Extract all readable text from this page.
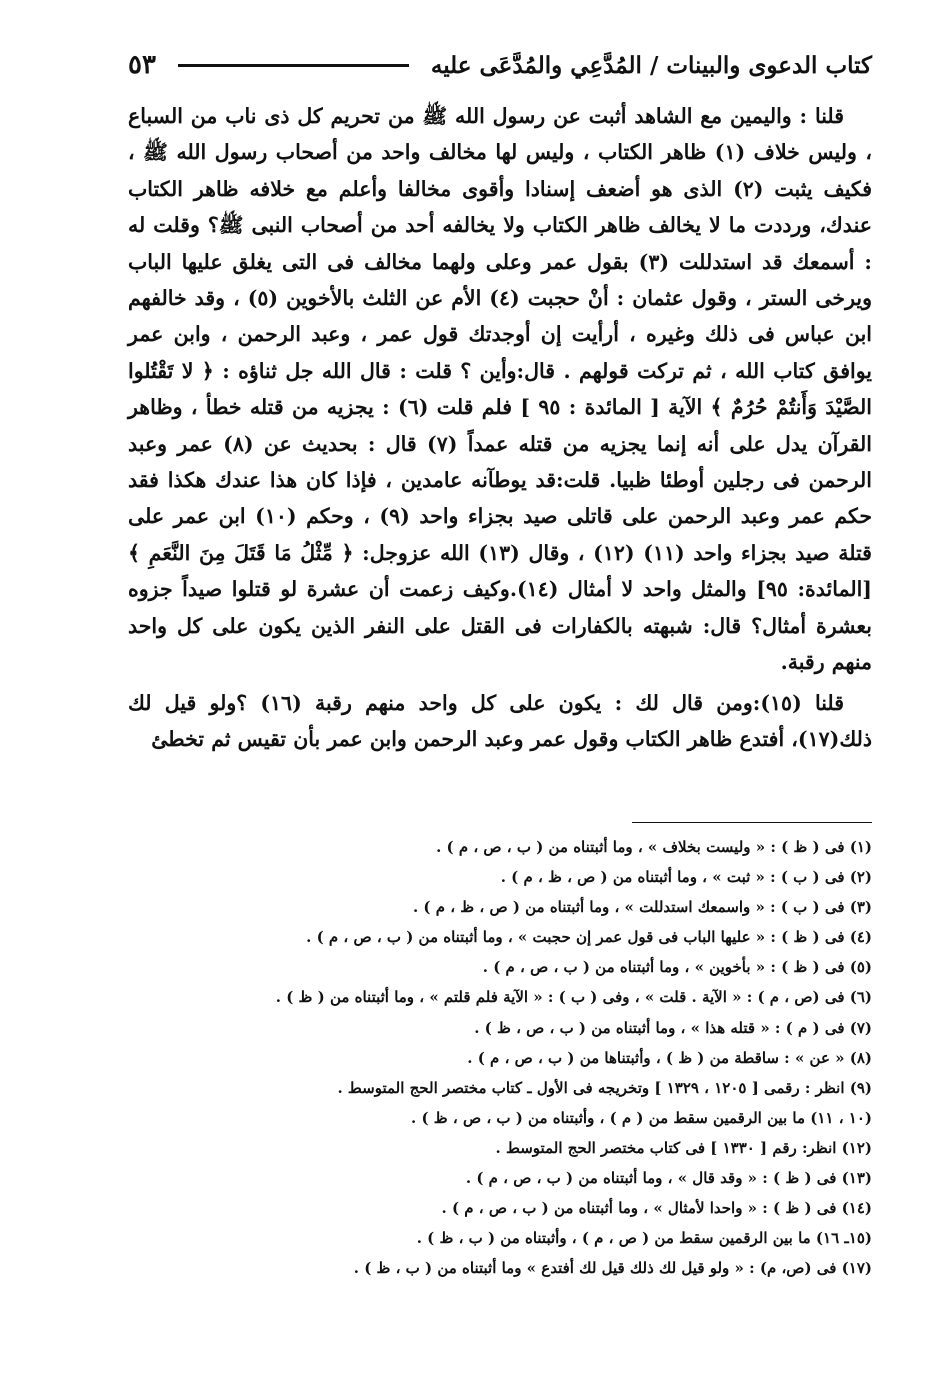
كتاب الدعوى والبينات / المُدَّعِي والمُدَّعَى عليه
٥٣

قلنا : واليمين مع الشاهد أثبت عن رسول الله ﷺ من تحريم كل ذى ناب من السباع ، وليس خلاف (١) ظاهر الكتاب ، وليس لها مخالف واحد من أصحاب رسول الله ﷺ ، فكيف يثبت (٢) الذى هو أضعف إسنادا وأقوى مخالفا وأعلم مع خلافه ظاهر الكتاب عندك، ورددت ما لا يخالف ظاهر الكتاب ولا يخالفه أحد من أصحاب النبى ﷺ؟ وقلت له : أسمعك قد استدللت (٣) بقول عمر وعلى ولهما مخالف فى التى يغلق عليها الباب ويرخى الستر ، وقول عثمان : أنْ حجبت (٤) الأم عن الثلث بالأخوين (٥) ، وقد خالفهم ابن عباس فى ذلك وغيره ، أرأيت إن أوجدتك قول عمر ، وعبد الرحمن ، وابن عمر يوافق كتاب الله ، ثم تركت قولهم . قال:وأين ؟ قلت : قال الله جل ثناؤه : ﴿ لا تَقْتُلوا الصَّيْدَ وَأَنتُمْ حُرُمٌ ﴾ الآية [ المائدة : ٩٥ ] فلم قلت (٦) : يجزيه من قتله خطأ ، وظاهر القرآن يدل على أنه إنما يجزيه من قتله عمداً (٧) قال : بحديث عن (٨) عمر وعبد الرحمن فى رجلين أوطئا ظبيا. قلت:قد يوطآنه عامدين ، فإذا كان هذا عندك هكذا فقد حكم عمر وعبد الرحمن على قاتلى صيد بجزاء واحد (٩) ، وحكم (١٠) ابن عمر على قتلة صيد بجزاء واحد (١١) (١٢) ، وقال (١٣) الله عزوجل: ﴿ مِّثْلُ مَا قَتَلَ مِنَ النَّعَمِ ﴾ [المائدة: ٩٥] والمثل واحد لا أمثال (١٤).وكيف زعمت أن عشرة لو قتلوا صيداً جزوه بعشرة أمثال؟ قال: شبهته بالكفارات فى القتل على النفر الذين يكون على كل واحد منهم رقبة.

قلنا (١٥):ومن قال لك : يكون على كل واحد منهم رقبة (١٦) ؟ولو قيل لك ذلك(١٧)، أفتدع ظاهر الكتاب وقول عمر وعبد الرحمن وابن عمر بأن تقيس ثم تخطئ

(١) فى ( ظ ) : « وليست بخلاف » ، وما أثبتناه من ( ب ، ص ، م ) .

(٢) فى ( ب ) : « ثبت » ، وما أثبتناه من ( ص ، ظ ، م ) .

(٣) فى ( ب ) : « واسمعك استدللت » ، وما أثبتناه من ( ص ، ظ ، م ) .

(٤) فى ( ظ ) : « عليها الباب فى قول عمر إن حجبت » ، وما أثبتناه من ( ب ، ص ، م ) .

(٥) فى ( ظ ) : « بأخوين » ، وما أثبتناه من ( ب ، ص ، م ) .

(٦) فى (ص ، م ) : « الآية . قلت » ، وفى ( ب ) : « الآية فلم قلتم » ، وما أثبتناه من ( ظ ) .

(٧) فى ( م ) : « قتله هذا » ، وما أثبتناه من ( ب ، ص ، ظ ) .

(٨) « عن » : ساقطة من ( ظ ) ، وأثبتناها من ( ب ، ص ، م ) .

(٩) انظر : رقمى [ ١٢٠٥ ، ١٣٢٩ ] وتخريجه فى الأول ـ كتاب مختصر الحج المتوسط .

(١٠ ، ١١) ما بين الرقمين سقط من ( م ) ، وأثبتناه من ( ب ، ص ، ظ ) .

(١٢) انظر: رقم [ ١٣٣٠ ] فى كتاب مختصر الحج المتوسط .

(١٣) فى ( ظ ) : « وقد قال » ، وما أثبتناه من ( ب ، ص ، م ) .

(١٤) فى ( ظ ) : « واحدا لأمثال » ، وما أثبتناه من ( ب ، ص ، م ) .

(١٥ـ ١٦) ما بين الرقمين سقط من ( ص ، م ) ، وأثبتناه من ( ب ، ظ ) .

(١٧) فى (ص، م) : « ولو قيل لك ذلك قيل لك أفتدع » وما أثبتناه من ( ب ، ظ ) .
